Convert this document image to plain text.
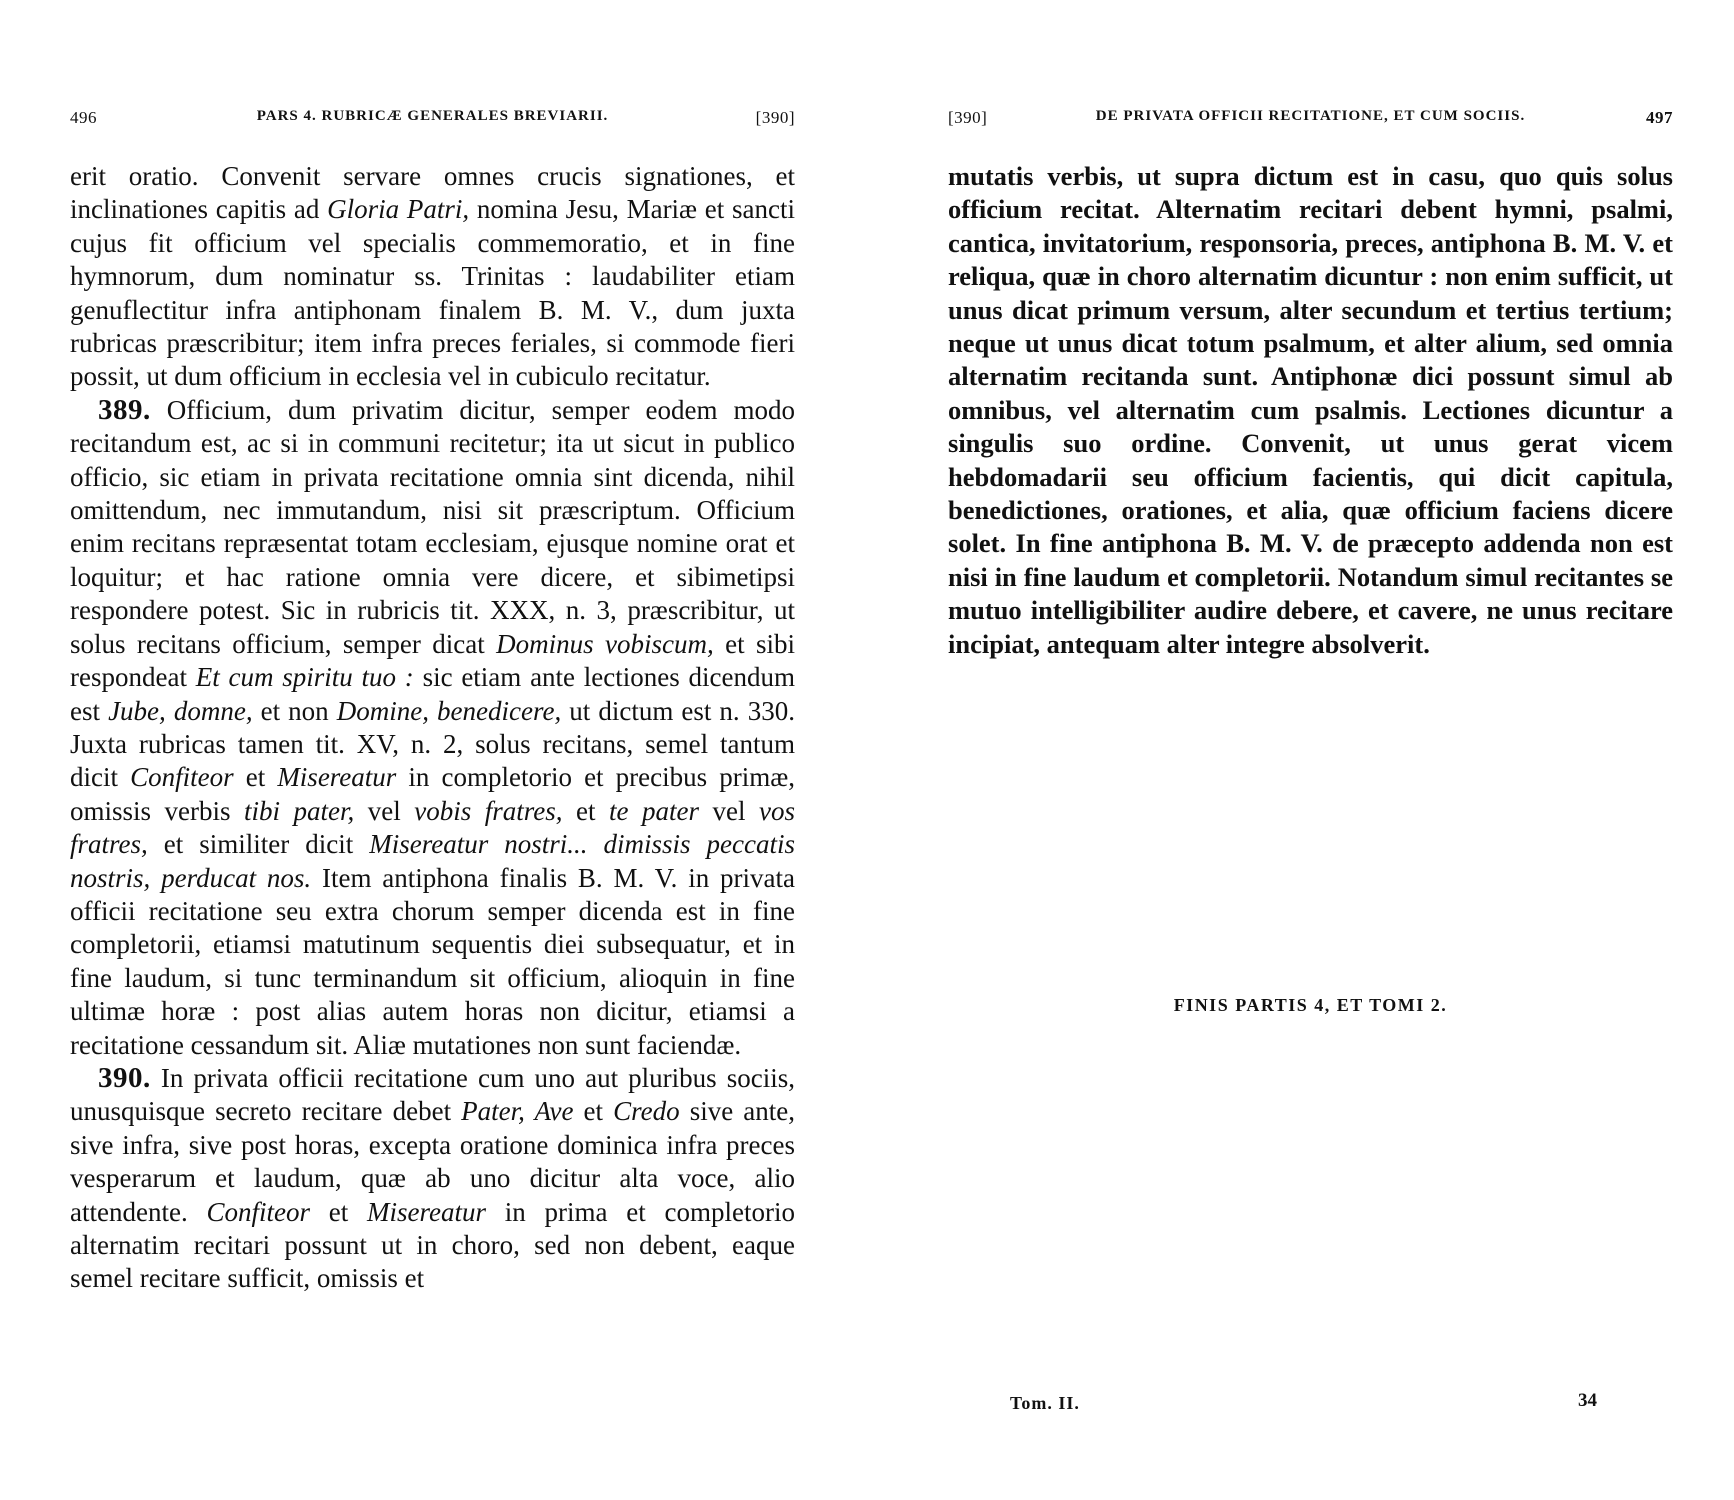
496	PARS 4. RUBRICÆ GENERALES BREVIARII.	[390]

erit oratio. Convenit servare omnes crucis signationes, et inclinationes capitis ad Gloria Patri, nomina Jesu, Mariæ et sancti cujus fit officium vel specialis commemoratio, et in fine hymnorum, dum nominatur ss. Trinitas : laudabiliter etiam genuflectitur infra antiphonam finalem B. M. V., dum juxta rubricas præscribitur; item infra preces feriales, si commode fieri possit, ut dum officium in ecclesia vel in cubiculo recitatur.

389. Officium, dum privatim dicitur, semper eodem modo recitandum est, ac si in communi recitetur; ita ut sicut in publico officio, sic etiam in privata recitatione omnia sint dicenda, nihil omittendum, nec immutandum, nisi sit præscriptum. Officium enim recitans repræsentat totam ecclesiam, ejusque nomine orat et loquitur; et hac ratione omnia vere dicere, et sibimetipsi respondere potest. Sic in rubricis tit. XXX, n. 3, præscribitur, ut solus recitans officium, semper dicat Dominus vobiscum, et sibi respondeat Et cum spiritu tuo : sic etiam ante lectiones dicendum est Jube, domne, et non Domine, benedicere, ut dictum est n. 330. Juxta rubricas tamen tit. XV, n. 2, solus recitans, semel tantum dicit Confiteor et Misereatur in completorio et precibus primæ, omissis verbis tibi pater, vel vobis fratres, et te pater vel vos fratres, et similiter dicit Misereatur nostri... dimissis peccatis nostris, perducat nos. Item antiphona finalis B. M. V. in privata officii recitatione seu extra chorum semper dicenda est in fine completorii, etiamsi matutinum sequentis diei subsequatur, et in fine laudum, si tunc terminandum sit officium, alioquin in fine ultimæ horæ : post alias autem horas non dicitur, etiamsi a recitatione cessandum sit. Aliæ mutationes non sunt faciendæ.

390. In privata officii recitatione cum uno aut pluribus sociis, unusquisque secreto recitare debet Pater, Ave et Credo sive ante, sive infra, sive post horas, excepta oratione dominica infra preces vesperarum et laudum, quæ ab uno dicitur alta voce, alio attendente. Confiteor et Misereatur in prima et completorio alternatim recitari possunt ut in choro, sed non debent, eaque semel recitare sufficit, omissis et

[390]	DE PRIVATA OFFICII RECITATIONE, ET CUM SOCIIS.	497

mutatis verbis, ut supra dictum est in casu, quo quis solus officium recitat. Alternatim recitari debent hymni, psalmi, cantica, invitatorium, responsoria, preces, antiphona B. M. V. et reliqua, quæ in choro alternatim dicuntur : non enim sufficit, ut unus dicat primum versum, alter secundum et tertius tertium; neque ut unus dicat totum psalmum, et alter alium, sed omnia alternatim recitanda sunt. Antiphonæ dici possunt simul ab omnibus, vel alternatim cum psalmis. Lectiones dicuntur a singulis suo ordine. Convenit, ut unus gerat vicem hebdomadarii seu officium facientis, qui dicit capitula, benedictiones, orationes, et alia, quæ officium faciens dicere solet. In fine antiphona B. M. V. de præcepto addenda non est nisi in fine laudum et completorii. Notandum simul recitantes se mutuo intelligibiliter audire debere, et cavere, ne unus recitare incipiat, antequam alter integre absolverit.

FINIS PARTIS 4, ET TOMI 2.
Tom. II.	34
